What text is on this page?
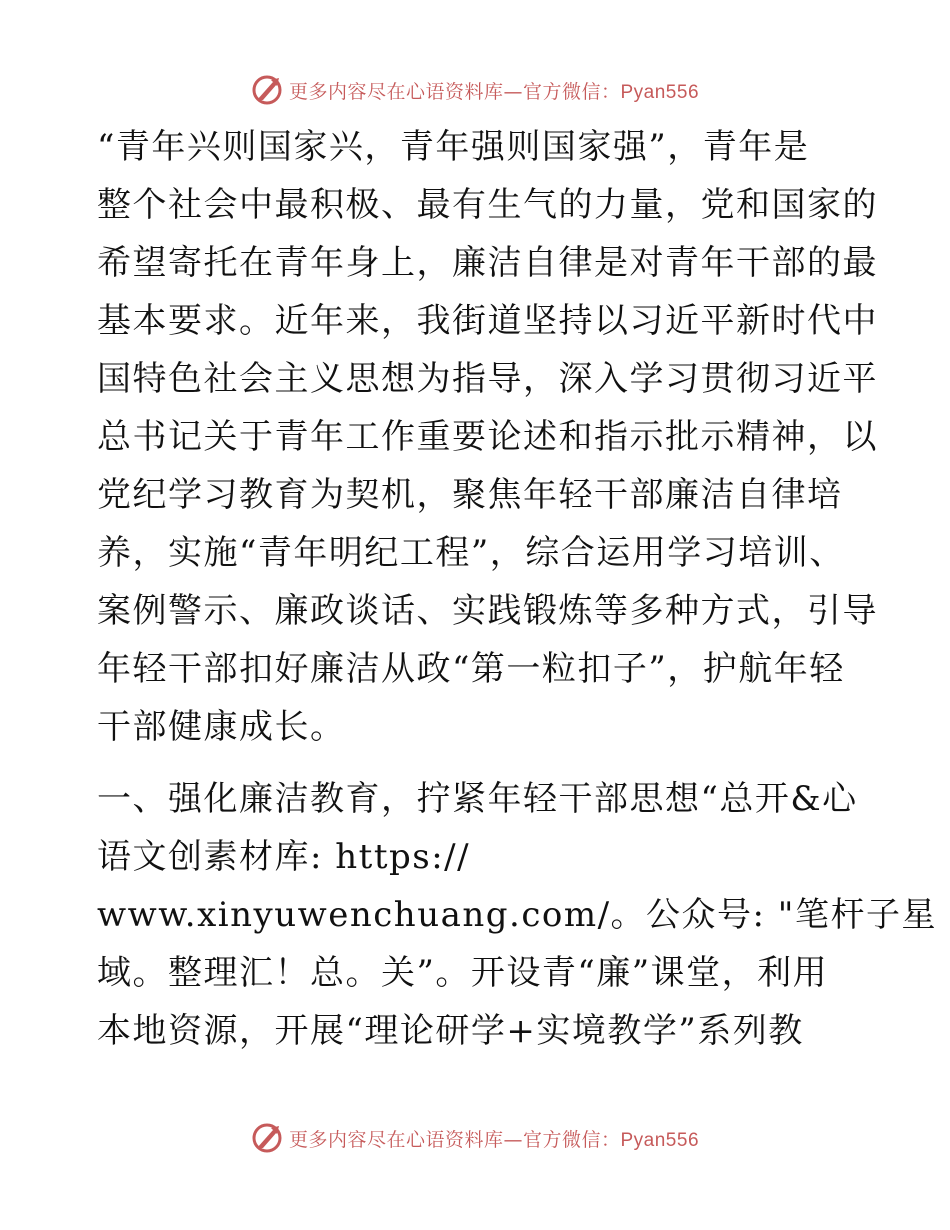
更多内容尽在心语资料库—官方微信：Pyan556
“青年兴则国家兴，青年强则国家强”，青年是
整个社会中最积极、最有生气的力量，党和国家的
希望寄托在青年身上，廉洁自律是对青年干部的最
基本要求。近年来，我街道坚持以习近平新时代中
国特色社会主义思想为指导，深入学习贯彻习近平
总书记关于青年工作重要论述和指示批示精神，以
党纪学习教育为契机，聚焦年轻干部廉洁自律培
养，实施“青年明纪工程”，综合运用学习培训、
案例警示、廉政谈话、实践锻炼等多种方式，引导
年轻干部扣好廉洁从政“第一粒扣子”，护航年轻
干部健康成长。
一、强化廉洁教育，拧紧年轻干部思想“总开&心
语文创素材库: https://
www.xinyuwenchuang.com/。公众号: "笔杆子星
域。整理汇！总。关”。开设青“廉”课堂，利用
本地资源，开展“理论研学+实境教学”系列教
更多内容尽在心语资料库—官方微信：Pyan556
